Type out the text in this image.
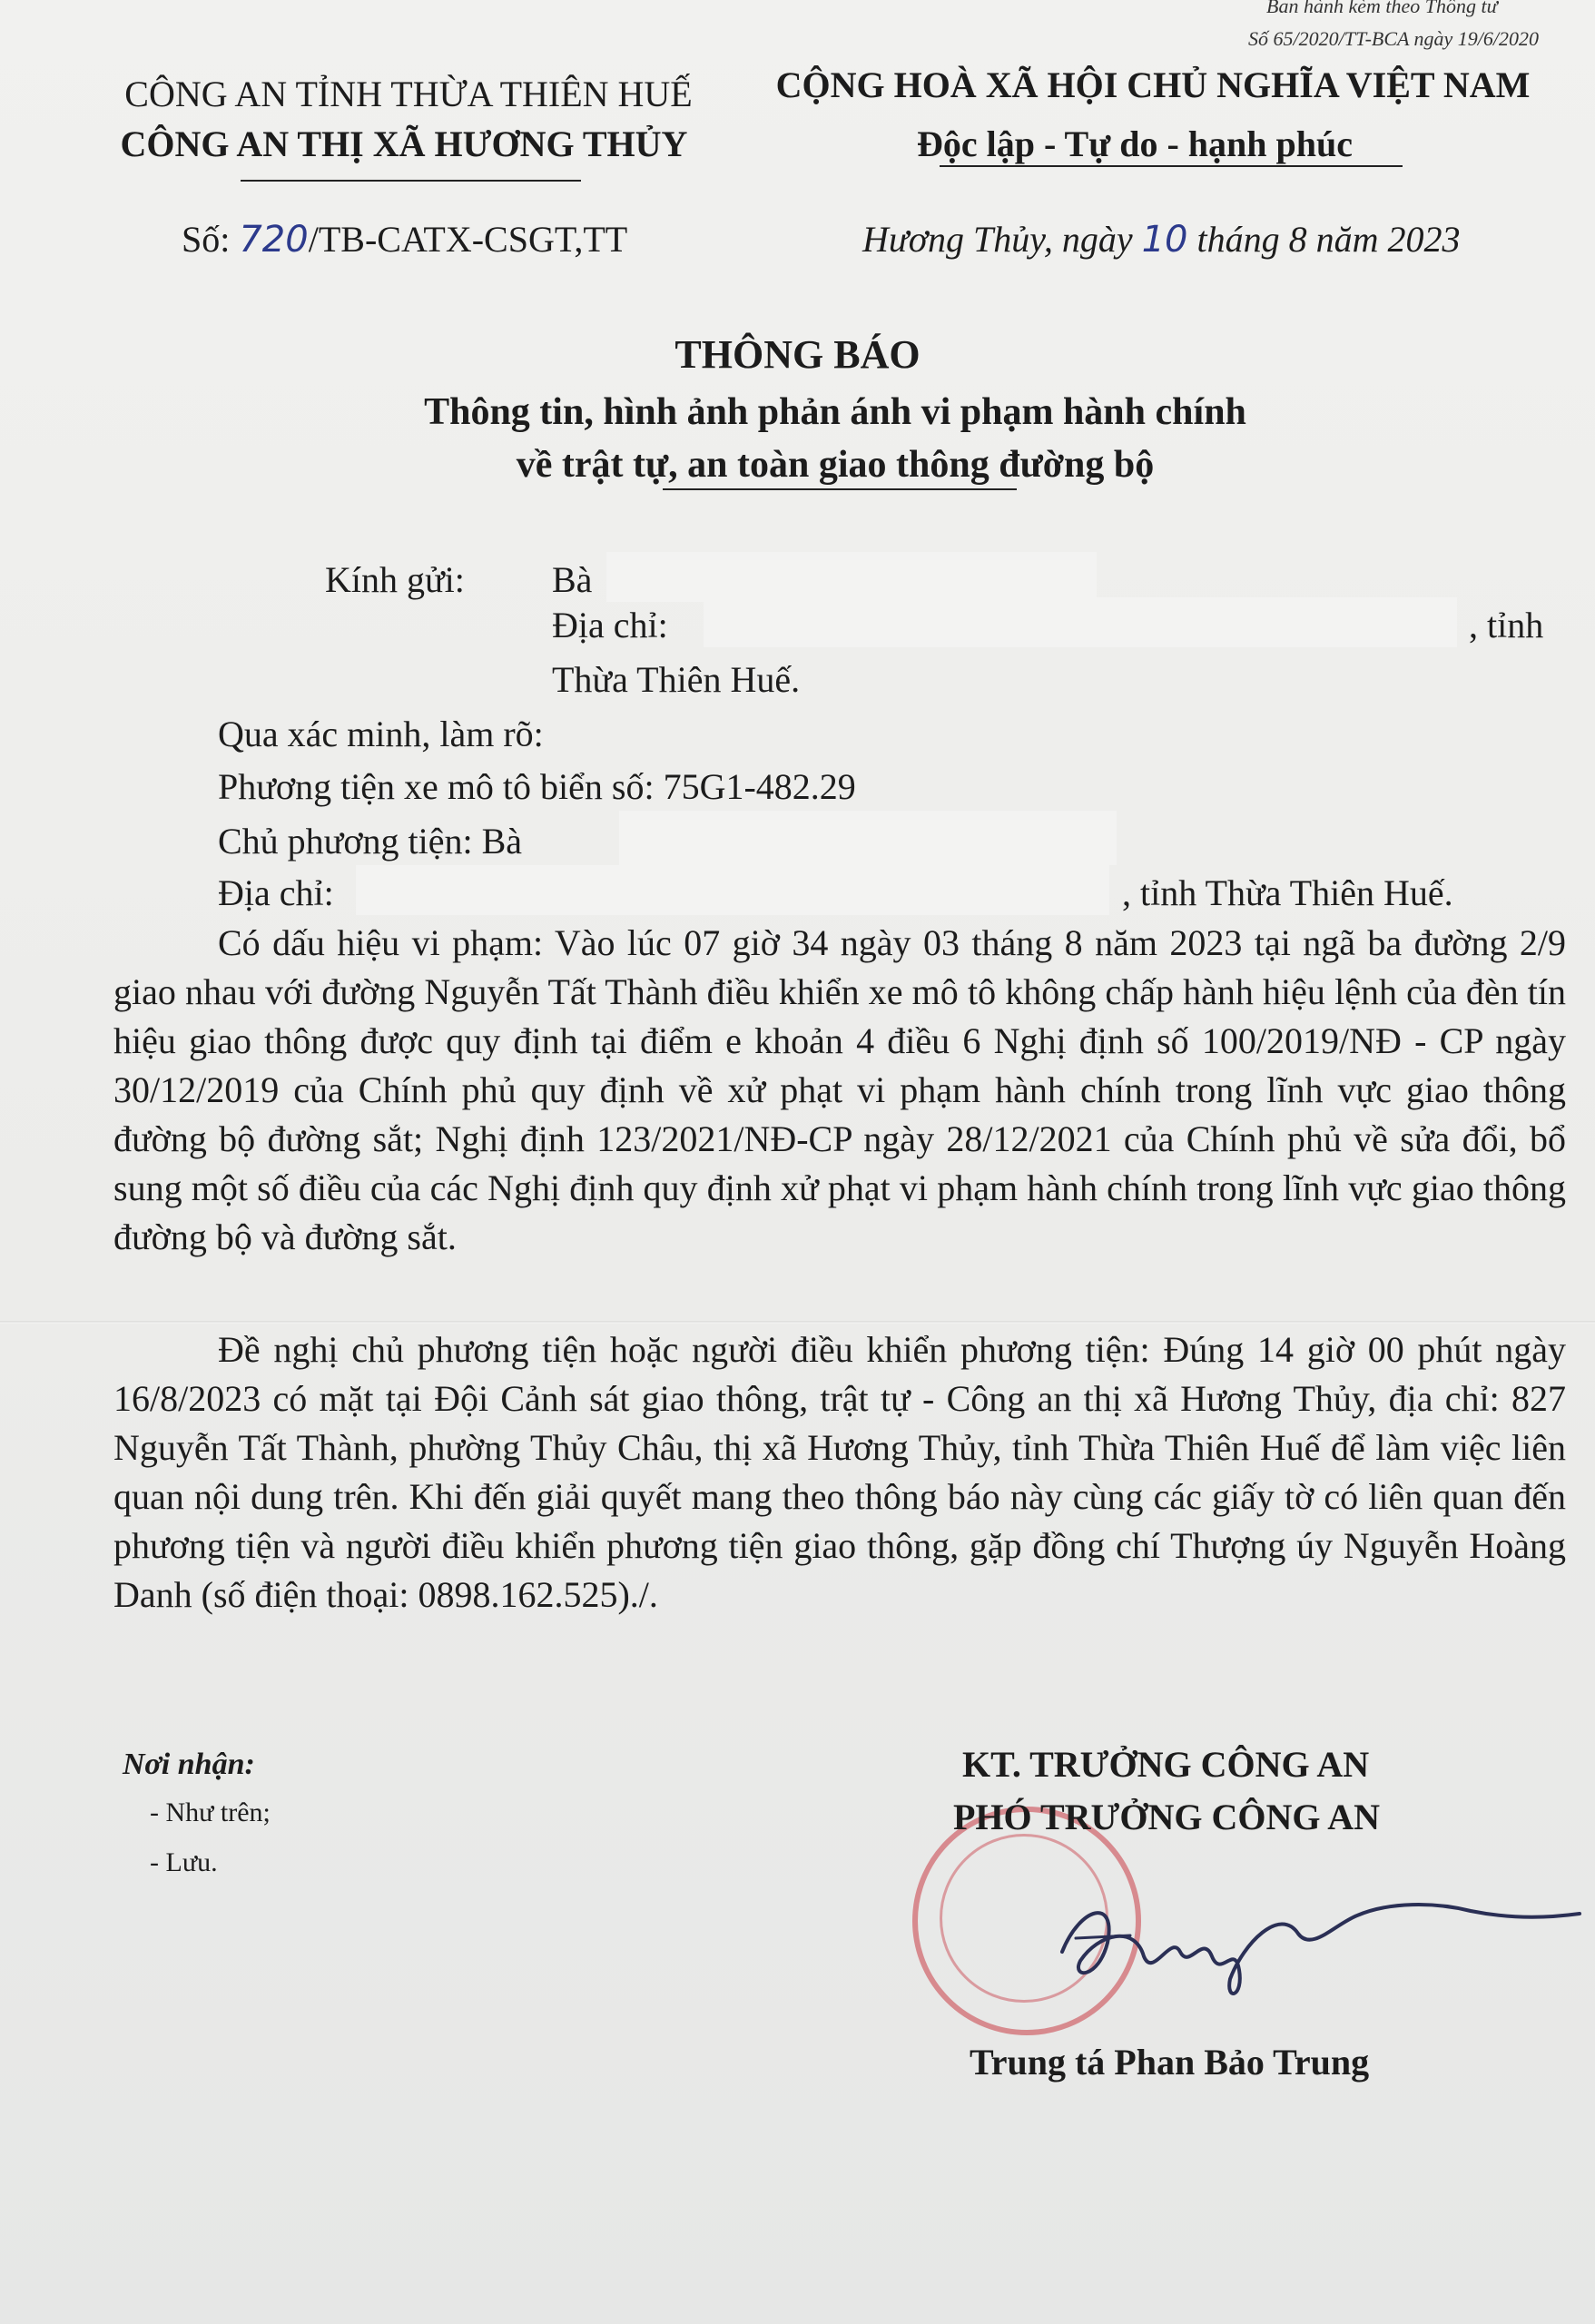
Ban hành kèm theo Thông tư
Số 65/2020/TT-BCA ngày 19/6/2020
CÔNG AN TỈNH THỪA THIÊN HUẾ
CÔNG AN THỊ XÃ HƯƠNG THỦY
CỘNG HOÀ XÃ HỘI CHỦ NGHĨA VIỆT NAM
Độc lập - Tự do - hạnh phúc
Số: 720/TB-CATX-CSGT,TT	Hương Thủy, ngày 10 tháng 8 năm 2023
THÔNG BÁO
Thông tin, hình ảnh phản ánh vi phạm hành chính
về trật tự, an toàn giao thông đường bộ
Kính gửi: Bà
Địa chỉ:	, tỉnh
Thừa Thiên Huế.
Qua xác minh, làm rõ:
Phương tiện xe mô tô biển số: 75G1-482.29
Chủ phương tiện: Bà
Địa chỉ:	, tỉnh Thừa Thiên Huế.

Có dấu hiệu vi phạm: Vào lúc 07 giờ 34 ngày 03 tháng 8 năm 2023 tại ngã ba đường 2/9 giao nhau với đường Nguyễn Tất Thành điều khiển xe mô tô không chấp hành hiệu lệnh của đèn tín hiệu giao thông được quy định tại điểm e khoản 4 điều 6 Nghị định số 100/2019/NĐ - CP ngày 30/12/2019 của Chính phủ quy định về xử phạt vi phạm hành chính trong lĩnh vực giao thông đường bộ đường sắt; Nghị định 123/2021/NĐ-CP ngày 28/12/2021 của Chính phủ về sửa đổi, bổ sung một số điều của các Nghị định quy định xử phạt vi phạm hành chính trong lĩnh vực giao thông đường bộ và đường sắt.

Đề nghị chủ phương tiện hoặc người điều khiển phương tiện: Đúng 14 giờ 00 phút ngày 16/8/2023 có mặt tại Đội Cảnh sát giao thông, trật tự - Công an thị xã Hương Thủy, địa chỉ: 827 Nguyễn Tất Thành, phường Thủy Châu, thị xã Hương Thủy, tỉnh Thừa Thiên Huế để làm việc liên quan nội dung trên. Khi đến giải quyết mang theo thông báo này cùng các giấy tờ có liên quan đến phương tiện và người điều khiển phương tiện giao thông, gặp đồng chí Thượng úy Nguyễn Hoàng Danh (số điện thoại: 0898.162.525)./.

Nơi nhận:
- Như trên;
- Lưu.
KT. TRƯỞNG CÔNG AN
PHÓ TRƯỞNG CÔNG AN
Trung tá Phan Bảo Trung
